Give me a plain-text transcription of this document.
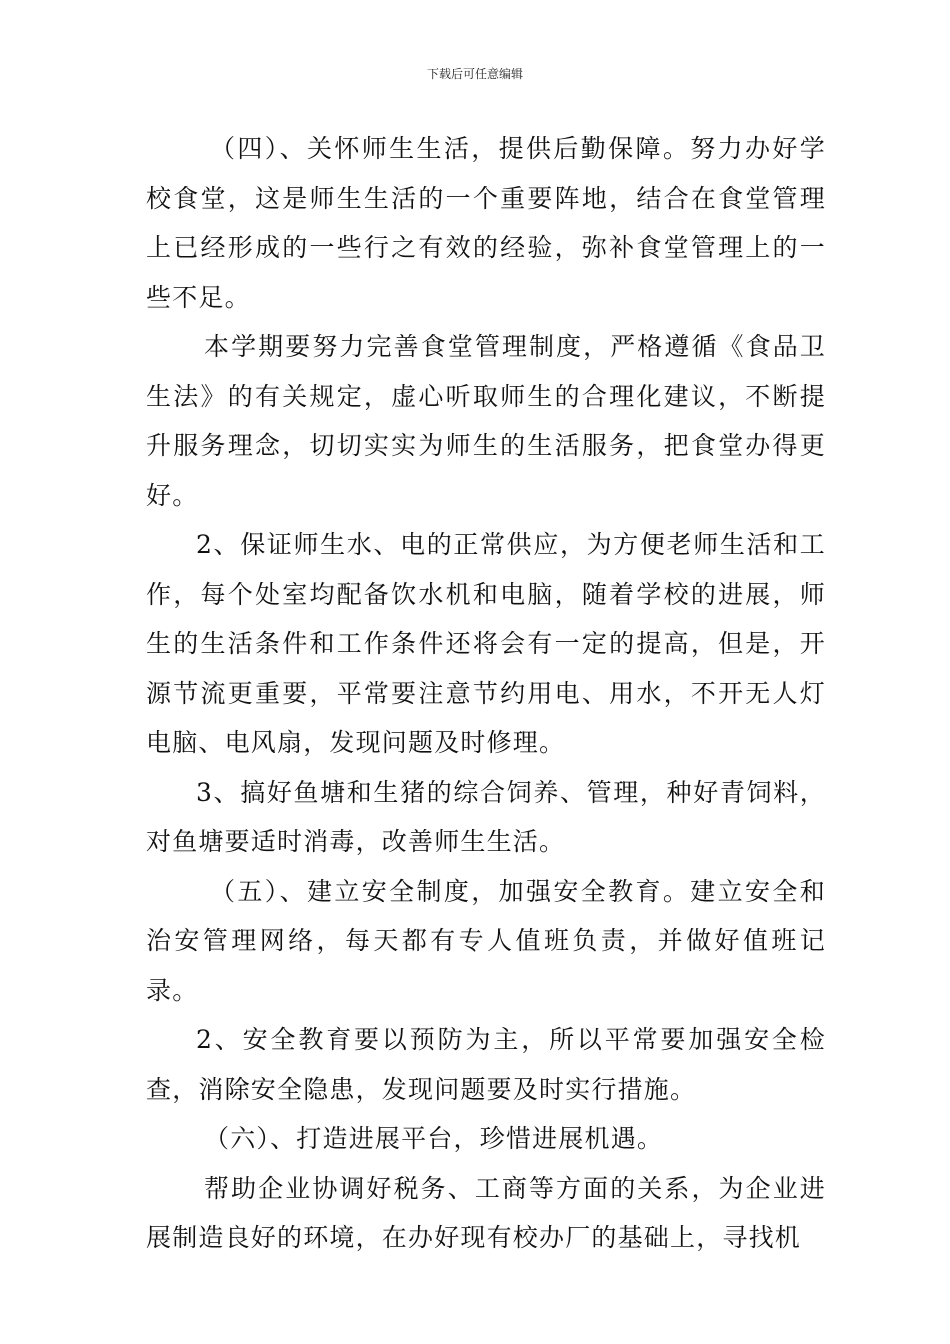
下载后可任意编辑

（四）、关怀师生生活，提供后勤保障。努力办好学校食堂，这是师生生活的一个重要阵地，结合在食堂管理上已经形成的一些行之有效的经验，弥补食堂管理上的一些不足。

本学期要努力完善食堂管理制度，严格遵循《食品卫生法》的有关规定，虚心听取师生的合理化建议，不断提升服务理念，切切实实为师生的生活服务，把食堂办得更好。

2、保证师生水、电的正常供应，为方便老师生活和工作，每个处室均配备饮水机和电脑，随着学校的进展，师生的生活条件和工作条件还将会有一定的提高，但是，开源节流更重要，平常要注意节约用电、用水，不开无人灯电脑、电风扇，发现问题及时修理。

3、搞好鱼塘和生猪的综合饲养、管理，种好青饲料，对鱼塘要适时消毒，改善师生生活。

（五）、建立安全制度，加强安全教育。建立安全和治安管理网络，每天都有专人值班负责，并做好值班记录。

2、安全教育要以预防为主，所以平常要加强安全检查，消除安全隐患，发现问题要及时实行措施。

（六）、打造进展平台，珍惜进展机遇。

帮助企业协调好税务、工商等方面的关系，为企业进展制造良好的环境，在办好现有校办厂的基础上，寻找机
